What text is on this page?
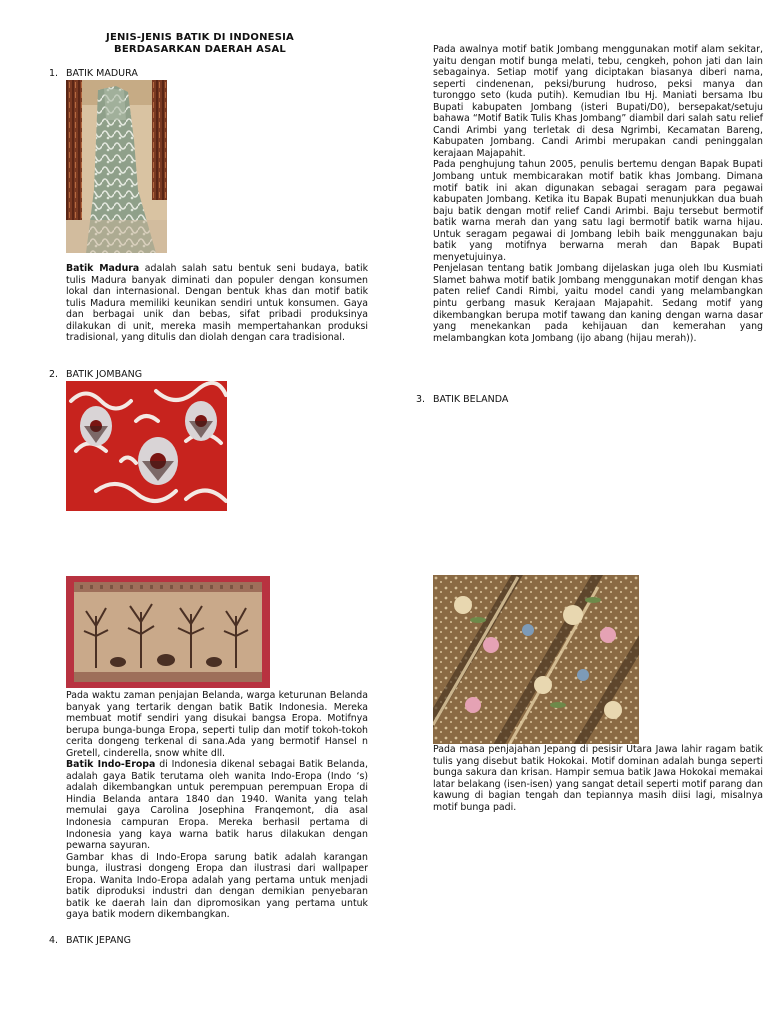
JENIS-JENIS BATIK DI INDONESIA
BERDASARKAN DAERAH ASAL
1. BATIK MADURA

Batik Madura adalah salah satu bentuk seni budaya, batik tulis Madura banyak diminati dan populer dengan konsumen lokal dan internasional. Dengan bentuk khas dan motif batik tulis Madura memiliki keunikan sendiri untuk konsumen. Gaya dan berbagai unik dan bebas, sifat pribadi produksinya dilakukan di unit, mereka masih mempertahankan produksi tradisional, yang ditulis dan diolah dengan cara tradisional.

2. BATIK JOMBANG

Pada awalnya motif batik Jombang menggunakan motif alam sekitar, yaitu dengan motif bunga melati, tebu, cengkeh, pohon jati dan lain sebagainya. Setiap motif yang diciptakan biasanya diberi nama, seperti cindenenan, peksi/burung hudroso, peksi manya dan turonggo seto (kuda putih). Kemudian Ibu Hj. Maniati bersama Ibu Bupati kabupaten Jombang (isteri Bupati/D0), bersepakat/setuju bahawa “Motif Batik Tulis Khas Jombang” diambil dari salah satu relief Candi Arimbi yang terletak di desa Ngrimbi, Kecamatan Bareng, Kabupaten Jombang. Candi Arimbi merupakan candi peninggalan kerajaan Majapahit.

Pada penghujung tahun 2005, penulis bertemu dengan Bapak Bupati Jombang untuk membicarakan motif batik khas Jombang. Dimana motif batik ini akan digunakan sebagai seragam para pegawai kabupaten Jombang. Ketika itu Bapak Bupati menunjukkan dua buah baju batik dengan motif relief Candi Arimbi. Baju tersebut bermotif batik warna merah dan yang satu lagi bermotif batik warna hijau. Untuk seragam pegawai di Jombang lebih baik menggunakan baju batik yang motifnya berwarna merah dan Bapak Bupati menyetujuinya.

Penjelasan tentang batik Jombang dijelaskan juga oleh Ibu Kusmiati Slamet bahwa motif batik Jombang menggunakan motif dengan khas paten relief Candi Rimbi, yaitu model candi yang melambangkan pintu gerbang masuk Kerajaan Majapahit. Sedang motif yang dikembangkan berupa motif tawang dan kaning dengan warna dasar yang menekankan pada kehijauan dan kemerahan yang melambangkan kota Jombang (ijo abang (hijau merah)).

3. BATIK BELANDA

Pada waktu zaman penjajan Belanda, warga keturunan Belanda banyak yang tertarik dengan batik Batik Indonesia. Mereka membuat motif sendiri yang disukai bangsa Eropa. Motifnya berupa bunga-bunga Eropa, seperti tulip dan motif tokoh-tokoh cerita dongeng terkenal di sana.Ada yang bermotif Hansel n Gretell, cinderella, snow white dll.

Batik Indo-Eropa di Indonesia dikenal sebagai Batik Belanda, adalah gaya Batik terutama oleh wanita Indo-Eropa (Indo ‘s) adalah dikembangkan untuk perempuan perempuan Eropa di Hindia Belanda antara 1840 dan 1940. Wanita yang telah memulai gaya Carolina Josephina Franqemont, dia asal Indonesia campuran Eropa. Mereka berhasil pertama di Indonesia yang kaya warna batik harus dilakukan dengan pewarna sayuran.

Gambar khas di Indo-Eropa sarung batik adalah karangan bunga, ilustrasi dongeng Eropa dan ilustrasi dari wallpaper Eropa. Wanita Indo-Eropa adalah yang pertama untuk menjadi batik diproduksi industri dan dengan demikian penyebaran batik ke daerah lain dan dipromosikan yang pertama untuk gaya batik modern dikembangkan.

Pada masa penjajahan Jepang di pesisir Utara Jawa lahir ragam batik tulis yang disebut batik Hokokai. Motif dominan adalah bunga seperti bunga sakura dan krisan. Hampir semua batik Jawa Hokokai memakai latar belakang (isen-isen) yang sangat detail seperti motif parang dan kawung di bagian tengah dan tepiannya masih diisi lagi, misalnya motif bunga padi.

4. BATIK JEPANG
